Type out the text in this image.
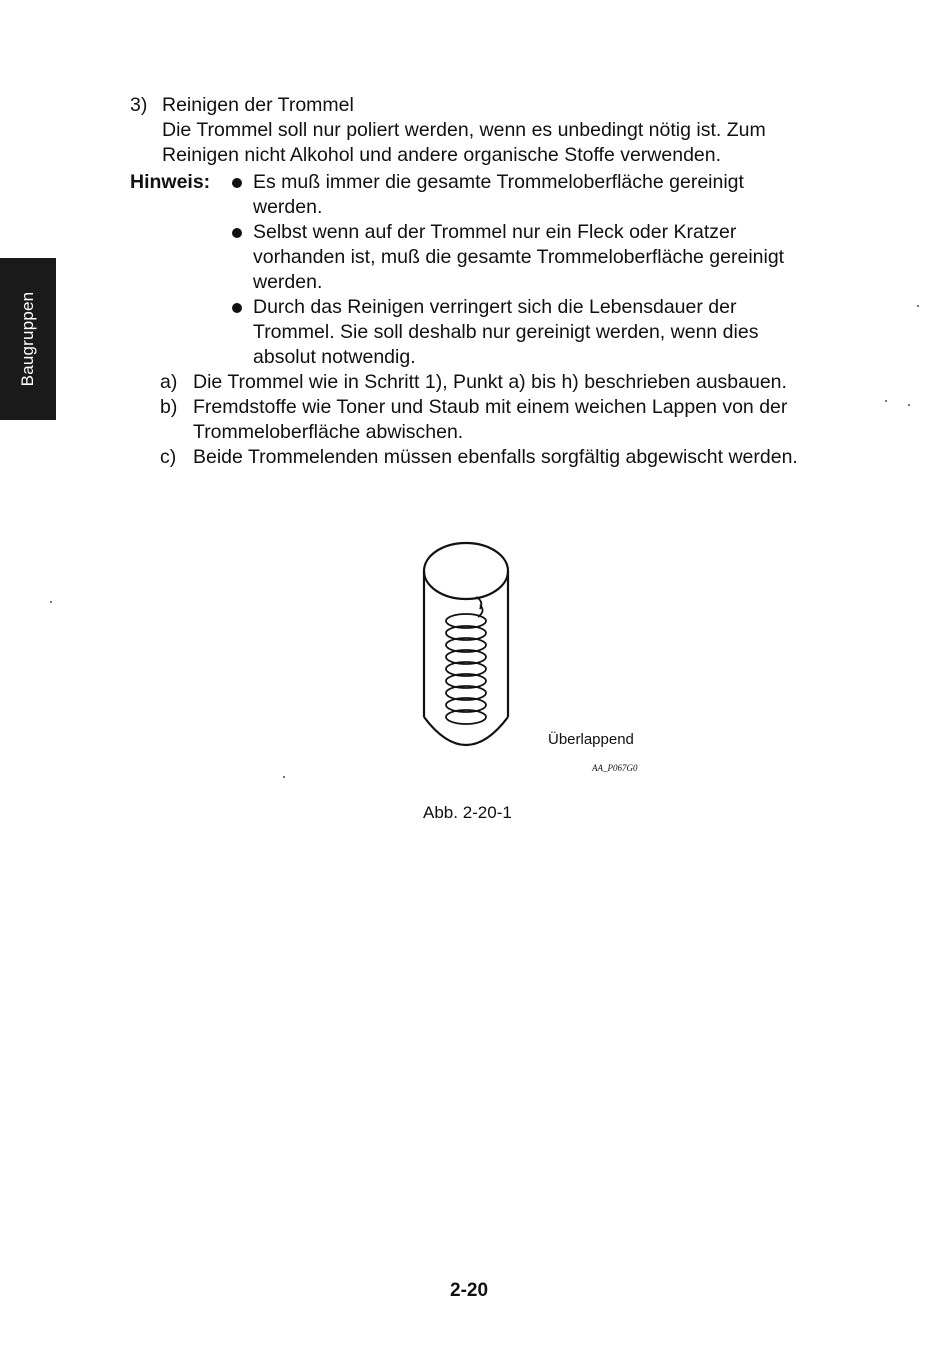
Baugruppen
3) Reinigen der Trommel
Die Trommel soll nur poliert werden, wenn es unbedingt nötig ist. Zum
Reinigen nicht Alkohol und andere organische Stoffe verwenden.
Hinweis: Es muß immer die gesamte Trommeloberfläche gereinigt
werden.
Selbst wenn auf der Trommel nur ein Fleck oder Kratzer
vorhanden ist, muß die gesamte Trommeloberfläche gereinigt
werden.
Durch das Reinigen verringert sich die Lebensdauer der
Trommel. Sie soll deshalb nur gereinigt werden, wenn dies
absolut notwendig.
a) Die Trommel wie in Schritt 1), Punkt a) bis h) beschrieben ausbauen.
b) Fremdstoffe wie Toner und Staub mit einem weichen Lappen von der
Trommeloberfläche abwischen.
c) Beide Trommelenden müssen ebenfalls sorgfältig abgewischt werden.
Überlappend
AA_P067G0
Abb. 2-20-1
2-20
